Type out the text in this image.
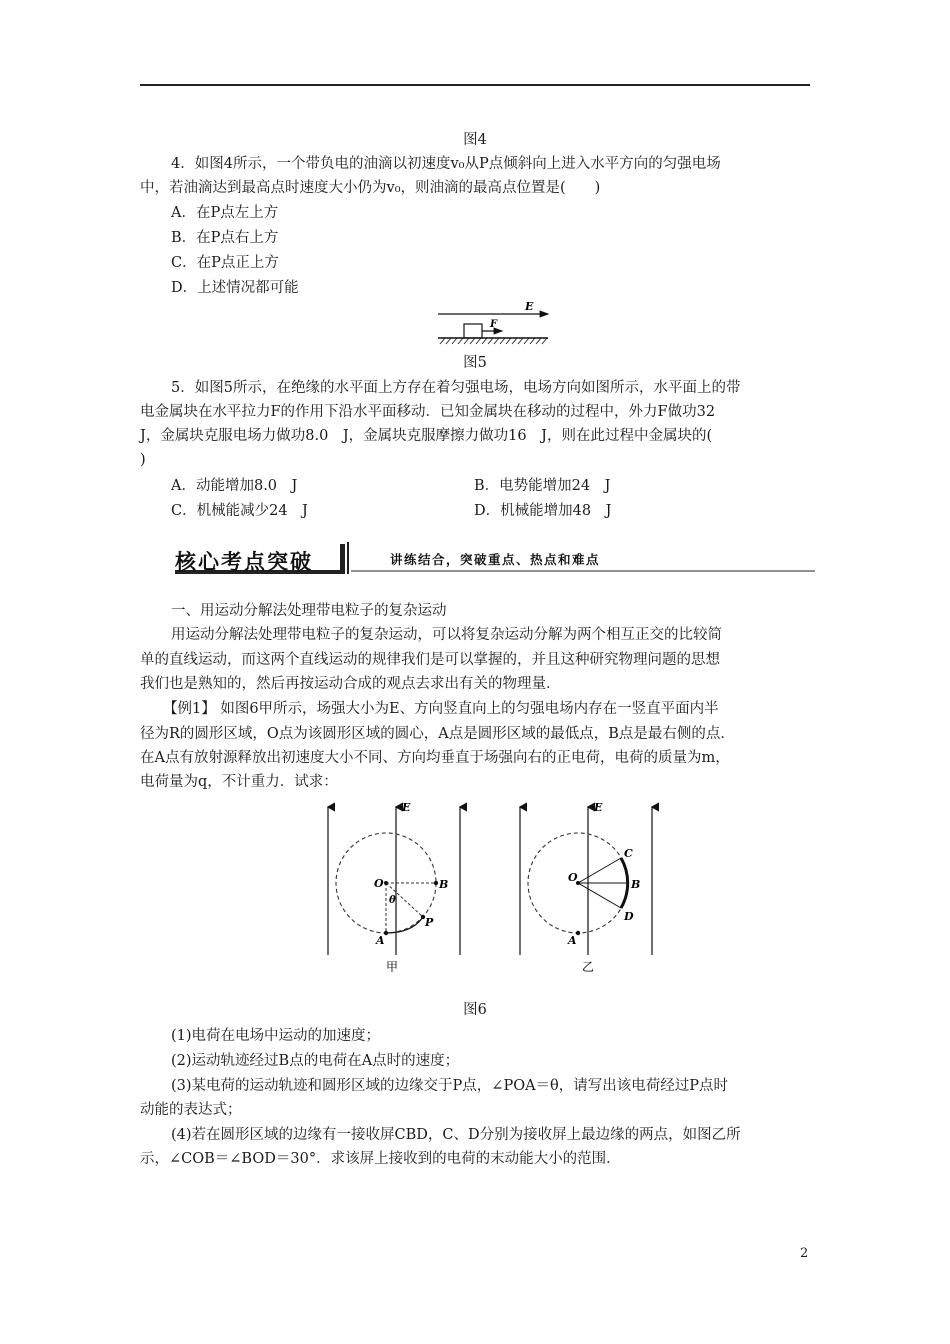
图4
4．如图4所示，一个带负电的油滴以初速度v₀从P点倾斜向上进入水平方向的匀强电场
中，若油滴达到最高点时速度大小仍为v₀，则油滴的最高点位置是(　　)
A．在P点左上方
B．在P点右上方
C．在P点正上方
D．上述情况都可能
E
F
图5
5．如图5所示，在绝缘的水平面上方存在着匀强电场，电场方向如图所示，水平面上的带
电金属块在水平拉力F的作用下沿水平面移动．已知金属块在移动的过程中，外力F做功32
J，金属块克服电场力做功8.0　J，金属块克服摩擦力做功16　J，则在此过程中金属块的(
)
A．动能增加8.0　J	B．电势能增加24　J
C．机械能减少24　J	D．机械能增加48　J
核心考点突破	讲练结合，突破重点、热点和难点
一、用运动分解法处理带电粒子的复杂运动
用运动分解法处理带电粒子的复杂运动，可以将复杂运动分解为两个相互正交的比较简
单的直线运动，而这两个直线运动的规律我们是可以掌握的，并且这种研究物理问题的思想
我们也是熟知的，然后再按运动合成的观点去求出有关的物理量．
【例1】 如图6甲所示，场强大小为E、方向竖直向上的匀强电场内存在一竖直平面内半
径为R的圆形区域，O点为该圆形区域的圆心，A点是圆形区域的最低点，B点是最右侧的点．
在A点有放射源释放出初速度大小不同、方向均垂直于场强向右的正电荷，电荷的质量为m，
电荷量为q，不计重力．试求：
E
O	B
θ
P
A
甲
E
O
C
B
D
A
乙
图6
(1)电荷在电场中运动的加速度；
(2)运动轨迹经过B点的电荷在A点时的速度；
(3)某电荷的运动轨迹和圆形区域的边缘交于P点，∠POA＝θ，请写出该电荷经过P点时
动能的表达式；
(4)若在圆形区域的边缘有一接收屏CBD，C、D分别为接收屏上最边缘的两点，如图乙所
示，∠COB＝∠BOD＝30°．求该屏上接收到的电荷的末动能大小的范围．
2
